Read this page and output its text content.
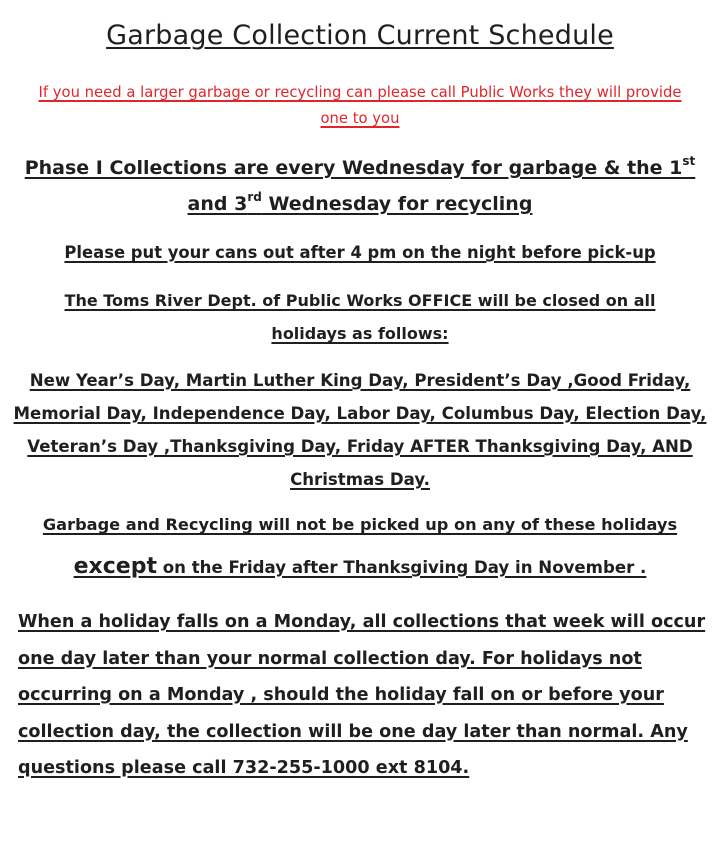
Garbage Collection Current Schedule
If you need a larger garbage or recycling can please call Public Works they will provide one to you
Phase I Collections are every Wednesday for garbage & the 1st
and 3rd Wednesday for recycling
Please put your cans out after 4 pm on the night before pick-up
The Toms River Dept. of Public Works OFFICE will be closed on all holidays as follows:
New Year’s Day, Martin Luther King Day, President’s Day ,Good Friday, Memorial Day, Independence Day, Labor Day, Columbus Day, Election Day, Veteran’s Day ,Thanksgiving Day, Friday AFTER Thanksgiving Day, AND Christmas Day.
Garbage and Recycling will not be picked up on any of these holidays
except on the Friday after Thanksgiving Day in November .
When a holiday falls on a Monday, all collections that week will occur one day later than your normal collection day. For holidays not occurring on a Monday , should the holiday fall on or before your collection day, the collection will be one day later than normal. Any questions please call 732-255-1000 ext 8104.
